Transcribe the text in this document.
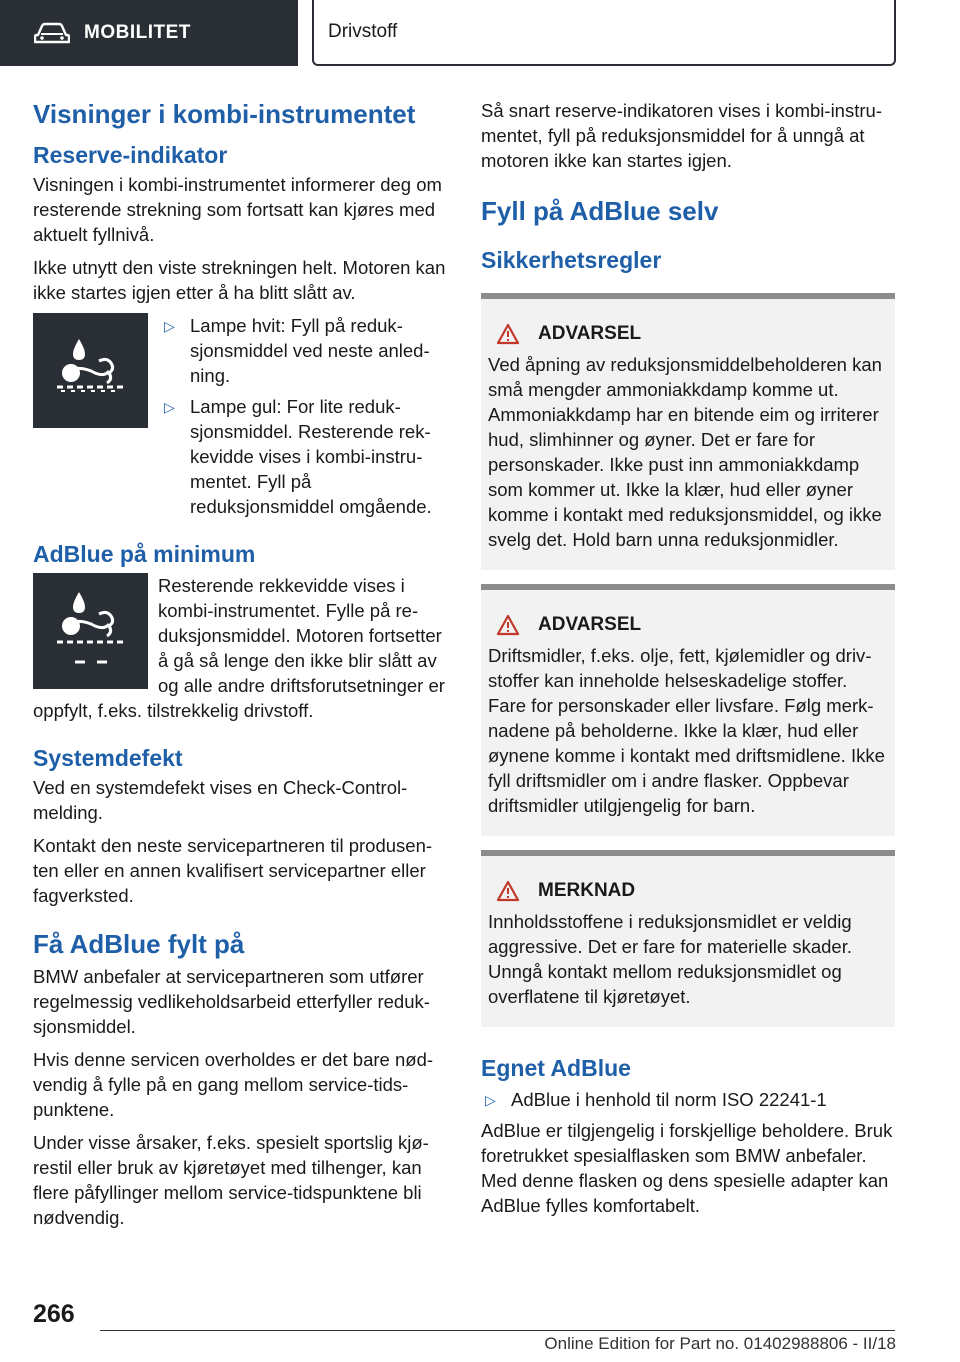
MOBILITET	Drivstoff
Visninger i kombi-instrumentet
Reserve-indikator

Visningen i kombi-instrumentet informerer deg om resterende strekning som fortsatt kan kjøres med aktuelt fyllnivå.

Ikke utnytt den viste strekningen helt. Motoren kan ikke startes igjen etter å ha blitt slått av.

▷ Lampe hvit: Fyll på reduksjonsmiddel ved neste anledning.
▷ Lampe gul: For lite reduksjonsmiddel. Resterende rekkevidde vises i kombi-instrumentet. Fyll på reduksjonsmiddel omgående.
AdBlue på minimum

Resterende rekkevidde vises i kombi-instrumentet. Fylle på reduksjonsmiddel. Motoren fortsetter å gå så lenge den ikke blir slått av og alle andre driftsforutsetninger er oppfylt, f.eks. tilstrekkelig drivstoff.

Systemdefekt

Ved en systemdefekt vises en Check-Control-melding.

Kontakt den neste servicepartneren til produsenten eller en annen kvalifisert servicepartner eller fagverksted.

Få AdBlue fylt på

BMW anbefaler at servicepartneren som utfører regelmessig vedlikeholdsarbeid etterfyller reduksjonsmiddel.

Hvis denne servicen overholdes er det bare nødvendig å fylle på en gang mellom service-tidspunktene.

Under visse årsaker, f.eks. spesielt sportslig kjørestil eller bruk av kjøretøyet med tilhenger, kan flere påfyllinger mellom service-tidspunktene bli nødvendig.

Så snart reserve-indikatoren vises i kombi-instrumentet, fyll på reduksjonsmiddel for å unngå at motoren ikke kan startes igjen.

Fyll på AdBlue selv
Sikkerhetsregler
ADVARSEL

Ved åpning av reduksjonsmiddelbeholderen kan små mengder ammoniakkdamp komme ut. Ammoniakkdamp har en bitende eim og irriterer hud, slimhinner og øyner. Det er fare for personskader. Ikke pust inn ammoniakkdamp som kommer ut. Ikke la klær, hud eller øyner komme i kontakt med reduksjonsmiddel, og ikke svelg det. Hold barn unna reduksjonmidler.

ADVARSEL

Driftsmidler, f.eks. olje, fett, kjølemidler og drivstoffer kan inneholde helseskadelige stoffer. Fare for personskader eller livsfare. Følg merknadene på beholderne. Ikke la klær, hud eller øynene komme i kontakt med driftsmidlene. Ikke fyll driftsmidler om i andre flasker. Oppbevar driftsmidler utilgjengelig for barn.

MERKNAD

Innholdsstoffene i reduksjonsmidlet er veldig aggressive. Det er fare for materielle skader. Unngå kontakt mellom reduksjonsmidlet og overflatene til kjøretøyet.

Egnet AdBlue
▷ AdBlue i henhold til norm ISO 22241-1

AdBlue er tilgjengelig i forskjellige beholdere. Bruk foretrukket spesialflasken som BMW anbefaler. Med denne flasken og dens spesielle adapter kan AdBlue fylles komfortabelt.

266
Online Edition for Part no. 01402988806 - II/18
